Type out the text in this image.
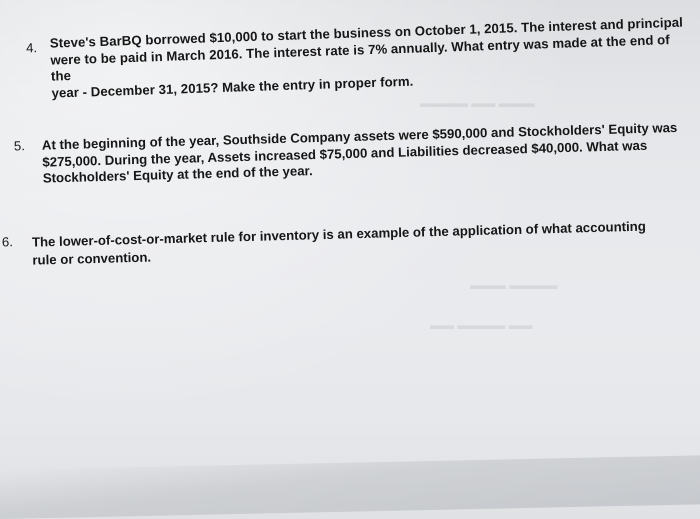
▬▬▬ ▬▬ ▬▬▬▬
▬▬▬▬ ▬▬▬
▬▬ ▬▬▬▬ ▬▬
4. Steve's BarBQ borrowed $10,000 to start the business on October 1, 2015. The interest and principal
were to be paid in March 2016. The interest rate is 7% annually. What entry was made at the end of the
year - December 31, 2015? Make the entry in proper form.
5. At the beginning of the year, Southside Company assets were $590,000 and Stockholders' Equity was
$275,000. During the year, Assets increased $75,000 and Liabilities decreased $40,000. What was
Stockholders' Equity at the end of the year.
6. The lower-of-cost-or-market rule for inventory is an example of the application of what accounting
rule or convention.
